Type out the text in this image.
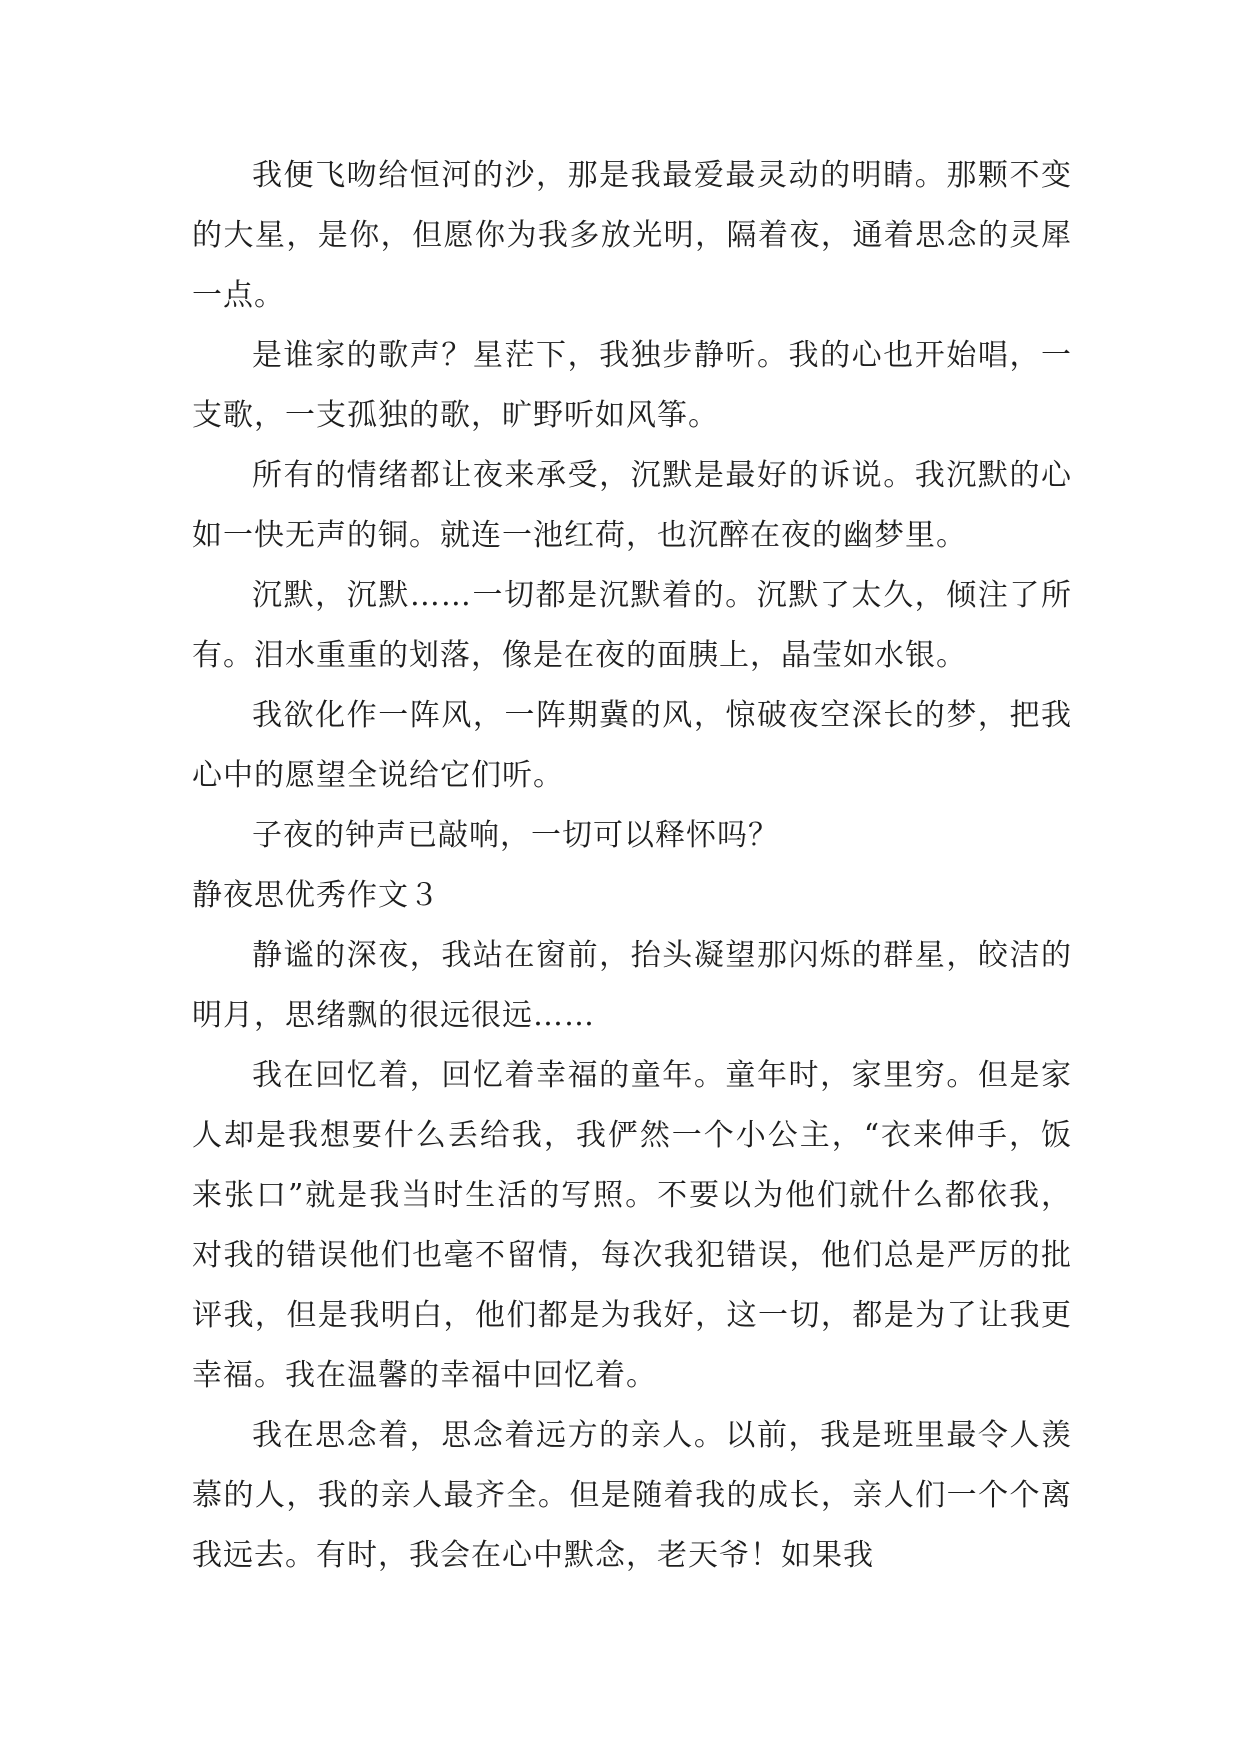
我便飞吻给恒河的沙，那是我最爱最灵动的明睛。那颗不变的大星，是你，但愿你为我多放光明，隔着夜，通着思念的灵犀一点。

是谁家的歌声？星茫下，我独步静听。我的心也开始唱，一支歌，一支孤独的歌，旷野听如风筝。

所有的情绪都让夜来承受，沉默是最好的诉说。我沉默的心如一快无声的铜。就连一池红荷，也沉醉在夜的幽梦里。

沉默，沉默……一切都是沉默着的。沉默了太久，倾注了所有。泪水重重的划落，像是在夜的面胰上，晶莹如水银。

我欲化作一阵风，一阵期冀的风，惊破夜空深长的梦，把我心中的愿望全说给它们听。

子夜的钟声已敲响，一切可以释怀吗？

静夜思优秀作文３

静谧的深夜，我站在窗前，抬头凝望那闪烁的群星，皎洁的明月，思绪飘的很远很远……

我在回忆着，回忆着幸福的童年。童年时，家里穷。但是家人却是我想要什么丢给我，我俨然一个小公主，“衣来伸手，饭来张口”就是我当时生活的写照。不要以为他们就什么都依我，对我的错误他们也毫不留情，每次我犯错误，他们总是严厉的批评我，但是我明白，他们都是为我好，这一切，都是为了让我更幸福。我在温馨的幸福中回忆着。

我在思念着，思念着远方的亲人。以前，我是班里最令人羡慕的人，我的亲人最齐全。但是随着我的成长，亲人们一个个离我远去。有时，我会在心中默念，老天爷！如果我
